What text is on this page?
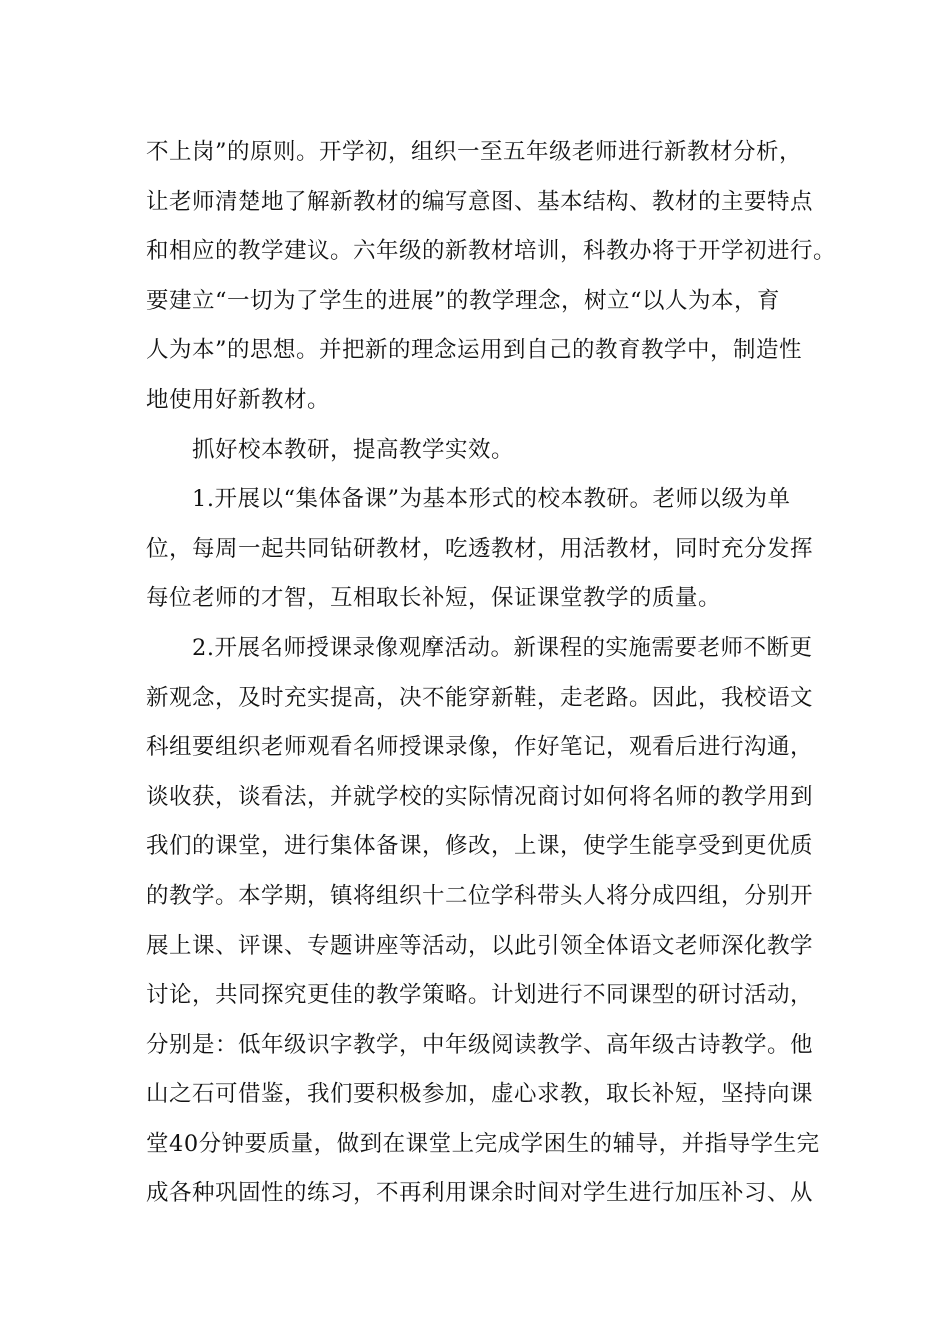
不上岗”的原则。开学初，组织一至五年级老师进行新教材分析，
让老师清楚地了解新教材的编写意图、基本结构、教材的主要特点
和相应的教学建议。六年级的新教材培训，科教办将于开学初进行。
要建立“一切为了学生的进展”的教学理念，树立“以人为本，育
人为本”的思想。并把新的理念运用到自己的教育教学中，制造性
地使用好新教材。
抓好校本教研，提高教学实效。
1.开展以“集体备课”为基本形式的校本教研。老师以级为单
位，每周一起共同钻研教材，吃透教材，用活教材，同时充分发挥
每位老师的才智，互相取长补短，保证课堂教学的质量。
2.开展名师授课录像观摩活动。新课程的实施需要老师不断更
新观念，及时充实提高，决不能穿新鞋，走老路。因此，我校语文
科组要组织老师观看名师授课录像，作好笔记，观看后进行沟通，
谈收获，谈看法，并就学校的实际情况商讨如何将名师的教学用到
我们的课堂，进行集体备课，修改，上课，使学生能享受到更优质
的教学。本学期，镇将组织十二位学科带头人将分成四组，分别开
展上课、评课、专题讲座等活动，以此引领全体语文老师深化教学
讨论，共同探究更佳的教学策略。计划进行不同课型的研讨活动，
分别是：低年级识字教学，中年级阅读教学、高年级古诗教学。他
山之石可借鉴，我们要积极参加，虚心求教，取长补短，坚持向课
堂40分钟要质量，做到在课堂上完成学困生的辅导，并指导学生完
成各种巩固性的练习，不再利用课余时间对学生进行加压补习、从
